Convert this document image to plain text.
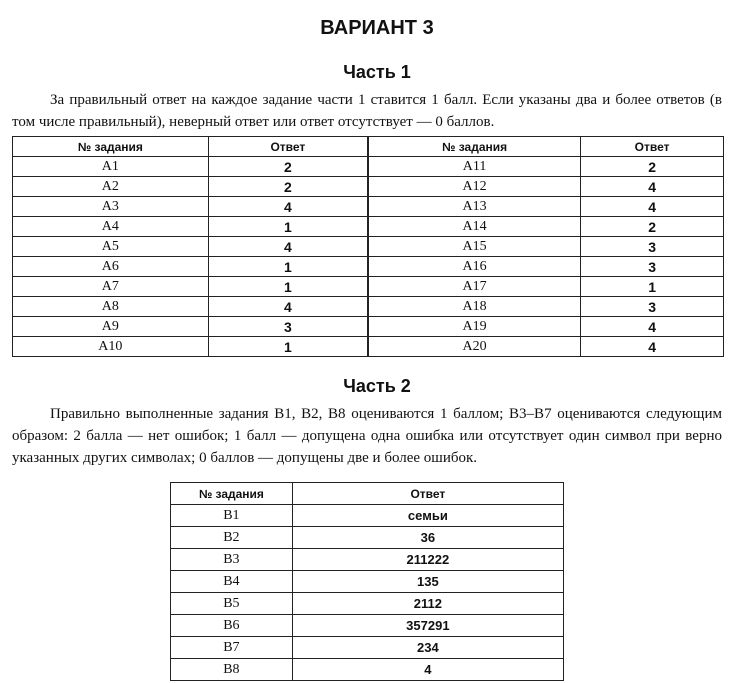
ВАРИАНТ 3
Часть 1

За правильный ответ на каждое задание части 1 ставится 1 балл. Если указаны два и более ответов (в том числе правильный), неверный ответ или ответ отсутствует — 0 баллов.

№ задания	Ответ	№ задания	Ответ
A1	2	A11	2
A2	2	A12	4
A3	4	A13	4
A4	1	A14	2
A5	4	A15	3
A6	1	A16	3
A7	1	A17	1
A8	4	A18	3
A9	3	A19	4
A10	1	A20	4
Часть 2

Правильно выполненные задания B1, B2, B8 оцениваются 1 баллом; B3–B7 оцениваются следующим образом: 2 балла — нет ошибок; 1 балл — допущена одна ошибка или отсутствует один символ при верно указанных других символах; 0 баллов — допущены две и более ошибок.

№ задания	Ответ
B1	семьи
B2	36
B3	211222
B4	135
B5	2112
B6	357291
B7	234
B8	4
